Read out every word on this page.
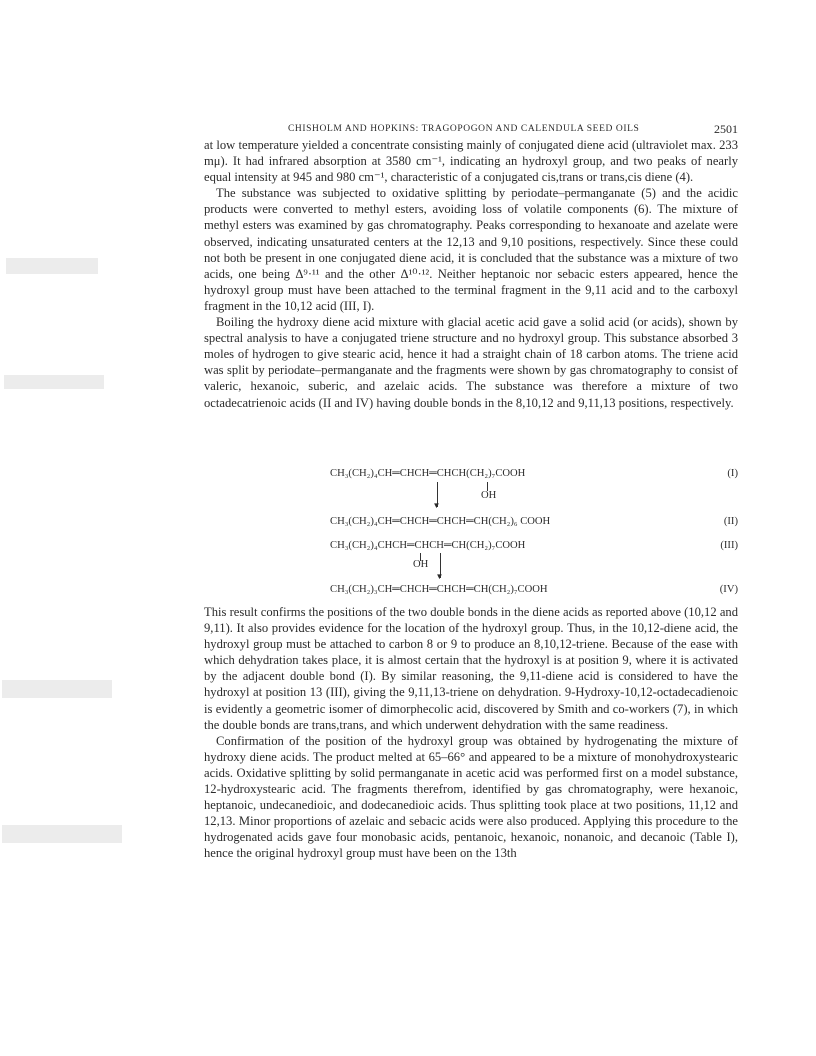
CHISHOLM AND HOPKINS: TRAGOPOGON AND CALENDULA SEED OILS	2501

at low temperature yielded a concentrate consisting mainly of conjugated diene acid (ultraviolet max. 233 mμ). It had infrared absorption at 3580 cm⁻¹, indicating an hydroxyl group, and two peaks of nearly equal intensity at 945 and 980 cm⁻¹, characteristic of a conjugated cis,trans or trans,cis diene (4).

The substance was subjected to oxidative splitting by periodate–permanganate (5) and the acidic products were converted to methyl esters, avoiding loss of volatile components (6). The mixture of methyl esters was examined by gas chromatography. Peaks corresponding to hexanoate and azelate were observed, indicating unsaturated centers at the 12,13 and 9,10 positions, respectively. Since these could not both be present in one conjugated diene acid, it is concluded that the substance was a mixture of two acids, one being Δ⁹·¹¹ and the other Δ¹⁰·¹². Neither heptanoic nor sebacic esters appeared, hence the hydroxyl group must have been attached to the terminal fragment in the 9,11 acid and to the carboxyl fragment in the 10,12 acid (III, I).

Boiling the hydroxy diene acid mixture with glacial acetic acid gave a solid acid (or acids), shown by spectral analysis to have a conjugated triene structure and no hydroxyl group. This substance absorbed 3 moles of hydrogen to give stearic acid, hence it had a straight chain of 18 carbon atoms. The triene acid was split by periodate–permanganate and the fragments were shown by gas chromatography to consist of valeric, hexanoic, suberic, and azelaic acids. The substance was therefore a mixture of two octadecatrienoic acids (II and IV) having double bonds in the 8,10,12 and 9,11,13 positions, respectively.

CH₃(CH₂)₄CH═CHCH═CHCH(CH₂)₇COOH	(I)
▼
OH
CH₃(CH₂)₄CH═CHCH═CHCH═CH(CH₂)₆ COOH	(II)
CH₃(CH₂)₄CHCH═CHCH═CH(CH₂)₇COOH	(III)
OH
▼
CH₃(CH₂)₃CH═CHCH═CHCH═CH(CH₂)₇COOH	(IV)

This result confirms the positions of the two double bonds in the diene acids as reported above (10,12 and 9,11). It also provides evidence for the location of the hydroxyl group. Thus, in the 10,12-diene acid, the hydroxyl group must be attached to carbon 8 or 9 to produce an 8,10,12-triene. Because of the ease with which dehydration takes place, it is almost certain that the hydroxyl is at position 9, where it is activated by the adjacent double bond (I). By similar reasoning, the 9,11-diene acid is considered to have the hydroxyl at position 13 (III), giving the 9,11,13-triene on dehydration. 9-Hydroxy-10,12-octadecadienoic is evidently a geometric isomer of dimorphecolic acid, discovered by Smith and co-workers (7), in which the double bonds are trans,trans, and which underwent dehydration with the same readiness.

Confirmation of the position of the hydroxyl group was obtained by hydrogenating the mixture of hydroxy diene acids. The product melted at 65–66° and appeared to be a mixture of monohydroxystearic acids. Oxidative splitting by solid permanganate in acetic acid was performed first on a model substance, 12-hydroxystearic acid. The fragments therefrom, identified by gas chromatography, were hexanoic, heptanoic, undecanedioic, and dodecanedioic acids. Thus splitting took place at two positions, 11,12 and 12,13. Minor proportions of azelaic and sebacic acids were also produced. Applying this procedure to the hydrogenated acids gave four monobasic acids, pentanoic, hexanoic, nonanoic, and decanoic (Table I), hence the original hydroxyl group must have been on the 13th
